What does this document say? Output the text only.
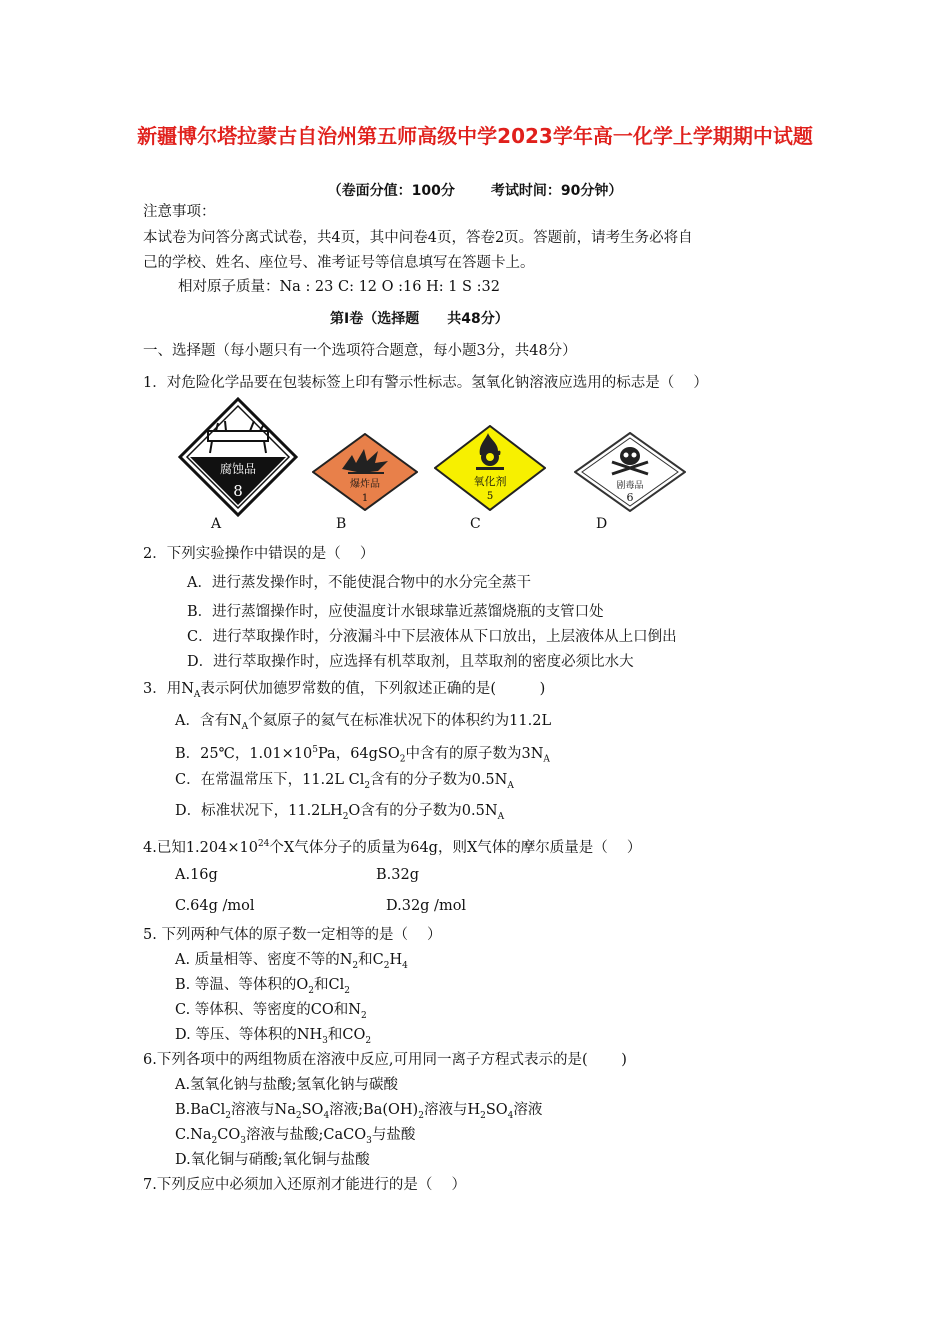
新疆博尔塔拉蒙古自治州第五师高级中学2023学年高一化学上学期期中试题
（卷面分值：100分	考试时间：90分钟）
注意事项：
本试卷为问答分离式试卷，共4页，其中问卷4页，答卷2页。答题前，请考生务必将自
己的学校、姓名、座位号、准考证号等信息填写在答题卡上。
相对原子质量：Na : 23 C: 12 O :16 H: 1 S :32
第Ⅰ卷（选择题　　共48分）
一、选择题（每小题只有一个选项符合题意，每小题3分，共48分）
1．对危险化学品要在包装标签上印有警示性标志。氢氧化钠溶液应选用的标志是（　 ）
腐蚀品
8	爆炸品
1
氧化剂
5
剧毒品
6
A	B	C	D
2．下列实验操作中错误的是（　 ）
A．进行蒸发操作时，不能使混合物中的水分完全蒸干
B．进行蒸馏操作时，应使温度计水银球靠近蒸馏烧瓶的支管口处
C．进行萃取操作时，分液漏斗中下层液体从下口放出，上层液体从上口倒出
D．进行萃取操作时，应选择有机萃取剂，且萃取剂的密度必须比水大
3．用$N_A$表示阿伏加德罗常数的值，下列叙述正确的是(　　　)
A．含有$N_A$个氦原子的氦气在标准状况下的体积约为11.2L
B．25℃，$1.01\times 10^5Pa$，64gSO$_2$中含有的原子数为$3N_A$
C．在常温常压下，11.2L $Cl_2$含有的分子数为$0.5N_A$
D．标准状况下，$11.2LH_2O$含有的分子数为$0.5N_A$
4.已知$1.204\times 10^{24}$个X气体分子的质量为64g，则X气体的摩尔质量是（　 ）
A.16g	B.32g
C.64g /mol	D.32g /mol
5. 下列两种气体的原子数一定相等的是（　 ）
A. 质量相等、密度不等的$N_2$和$C_2H_4$
B. 等温、等体积的$O_2$和$Cl_2$
C. 等体积、等密度的CO和$N_2$
D. 等压、等体积的$NH_3$和$CO_2$
6.下列各项中的两组物质在溶液中反应,可用同一离子方程式表示的是(　　 )
A.氢氧化钠与盐酸;氢氧化钠与碳酸
B.BaCl$_2$溶液与$Na_2SO_4$溶液$;Ba(OH)_2$溶液与$H_2SO_4$溶液
$C.Na_2CO_3$溶液与盐酸;CaCO$_3$与盐酸
D.氧化铜与硝酸;氧化铜与盐酸
7.下列反应中必须加入还原剂才能进行的是（　 ）
